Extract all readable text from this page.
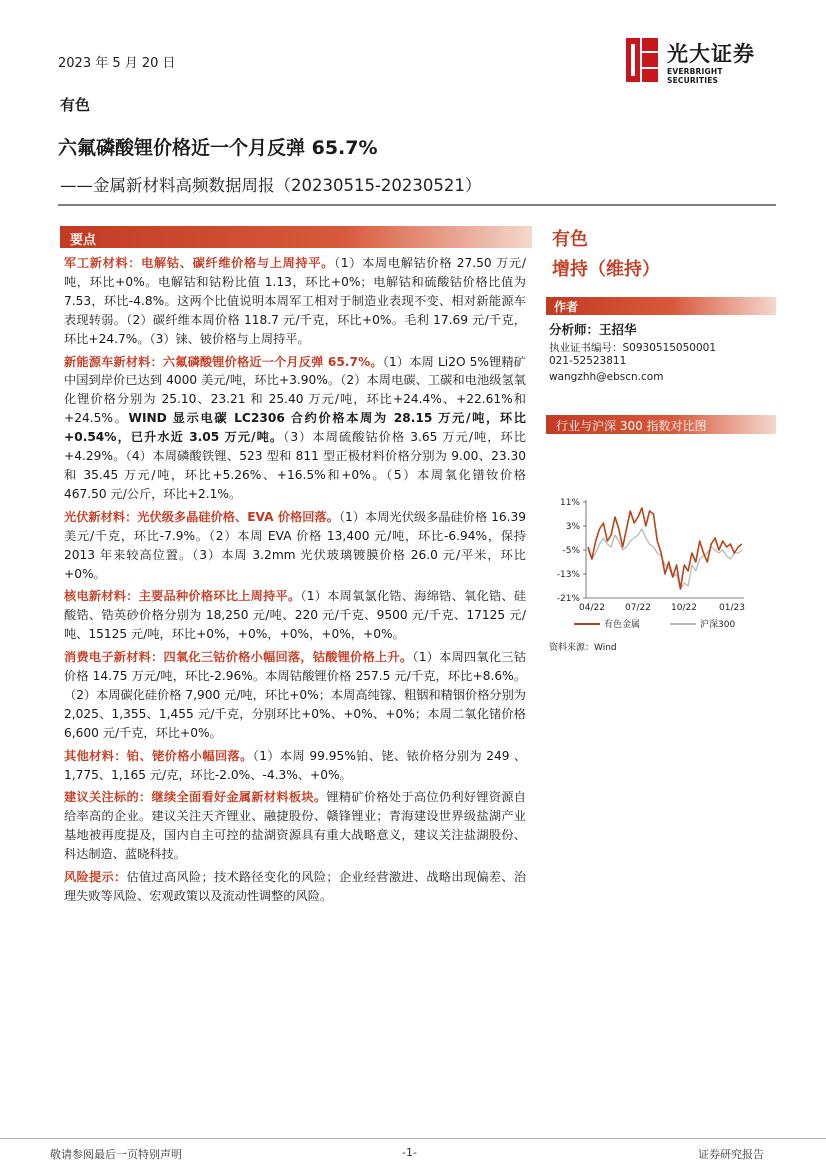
2023 年 5 月 20 日	光大证券
EVERBRIGHT SECURITIES
有色
六氟磷酸锂价格近一个月反弹 65.7%
——金属新材料高频数据周报（20230515-20230521）
要点

军工新材料：电解钴、碳纤维价格与上周持平。（1）本周电解钴价格 27.50 万元/吨，环比+0%。电解钴和钴粉比值 1.13，环比+0%；电解钴和硫酸钴价格比值为 7.53，环比-4.8%。这两个比值说明本周军工相对于制造业表现不变、相对新能源车表现转弱。（2）碳纤维本周价格 118.7 元/千克，环比+0%。毛利 17.69 元/千克，环比+24.7%。（3）铼、铍价格与上周持平。

新能源车新材料：六氟磷酸锂价格近一个月反弹 65.7%。（1）本周 Li2O 5%锂精矿中国到岸价已达到 4000 美元/吨，环比+3.90%。（2）本周电碳、工碳和电池级氢氧化锂价格分别为 25.10、23.21 和 25.40 万元/吨，环比+24.4%、+22.61%和+24.5%。WIND 显示电碳 LC2306 合约价格本周为 28.15 万元/吨，环比+0.54%，已升水近 3.05 万元/吨。（3）本周硫酸钴价格 3.65 万元/吨，环比+4.29%。（4）本周磷酸铁锂、523 型和 811 型正极材料价格分别为 9.00、23.30 和 35.45 万元/吨，环比+5.26%、+16.5%和+0%。（5）本周氧化镨钕价格 467.50 元/公斤，环比+2.1%。

光伏新材料：光伏级多晶硅价格、EVA 价格回落。（1）本周光伏级多晶硅价格 16.39 美元/千克，环比-7.9%。（2）本周 EVA 价格 13,400 元/吨，环比-6.94%，保持 2013 年来较高位置。（3）本周 3.2mm 光伏玻璃镀膜价格 26.0 元/平米，环比+0%。

核电新材料：主要品种价格环比上周持平。（1）本周氧氯化锆、海绵锆、氧化锆、硅酸锆、锆英砂价格分别为 18,250 元/吨、220 元/千克、9500 元/千克、17125 元/吨、15125 元/吨，环比+0%，+0%，+0%，+0%，+0%。

消费电子新材料：四氧化三钴价格小幅回落，钴酸锂价格上升。（1）本周四氧化三钴价格 14.75 万元/吨，环比-2.96%。本周钴酸锂价格 257.5 元/千克，环比+8.6%。（2）本周碳化硅价格 7,900 元/吨，环比+0%；本周高纯镓、粗铟和精铟价格分别为 2,025、1,355、1,455 元/千克，分别环比+0%、+0%、+0%；本周二氧化锗价格 6,600 元/千克，环比+0%。

其他材料：铂、铑价格小幅回落。（1）本周 99.95%铂、铑、铱价格分别为 249 、1,775、1,165 元/克，环比-2.0%、-4.3%、+0%。

建议关注标的：继续全面看好金属新材料板块。锂精矿价格处于高位仍利好锂资源自给率高的企业。建议关注天齐锂业、融捷股份、赣锋锂业；青海建设世界级盐湖产业基地被再度提及，国内自主可控的盐湖资源具有重大战略意义，建议关注盐湖股份、科达制造、蓝晓科技。

风险提示：估值过高风险；技术路径变化的风险；企业经营激进、战略出现偏差、治理失败等风险、宏观政策以及流动性调整的风险。

有色
增持（维持）
作者
分析师：王招华
执业证书编号：S0930515050001
021-52523811
wangzhh@ebscn.com
行业与沪深 300 指数对比图
11%
3%
-5%
-13%
-21%
04/22 07/22 10/22 01/23
有色金属	沪深300
资料来源：Wind
敬请参阅最后一页特别声明	-1-	证券研究报告
